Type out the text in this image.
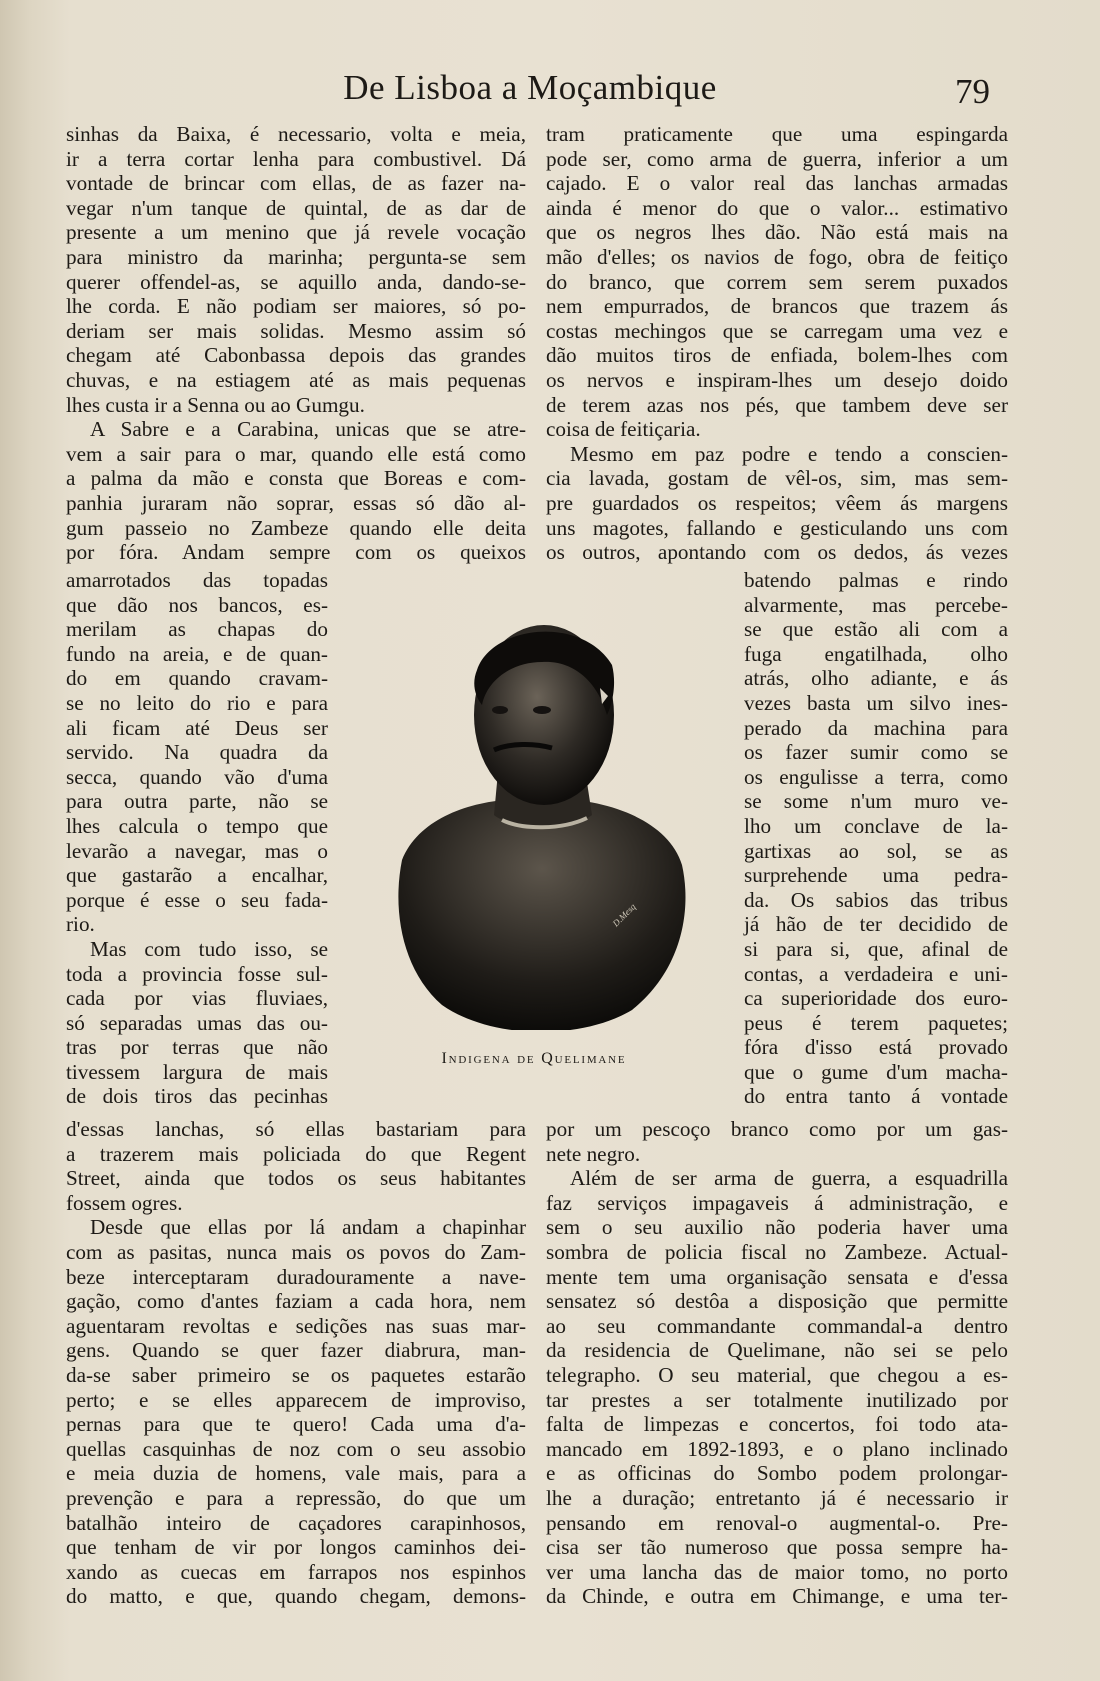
De Lisboa a Moçambique	79

sinhas da Baixa, é necessario, volta e meia,

ir a terra cortar lenha para combustivel. Dá

vontade de brincar com ellas, de as fazer na-

vegar n'um tanque de quintal, de as dar de

presente a um menino que já revele vocação

para ministro da marinha; pergunta-se sem

querer offendel-as, se aquillo anda, dando-se-

lhe corda. E não podiam ser maiores, só po-

deriam ser mais solidas. Mesmo assim só

chegam até Cabonbassa depois das grandes

chuvas, e na estiagem até as mais pequenas

lhes custa ir a Senna ou ao Gumgu.

A Sabre e a Carabina, unicas que se atre-

vem a sair para o mar, quando elle está como

a palma da mão e consta que Boreas e com-

panhia juraram não soprar, essas só dão al-

gum passeio no Zambeze quando elle deita

por fóra. Andam sempre com os queixos

amarrotados das topadas

que dão nos bancos, es-

merilam as chapas do

fundo na areia, e de quan-

do em quando cravam-

se no leito do rio e para

ali ficam até Deus ser

servido. Na quadra da

secca, quando vão d'uma

para outra parte, não se

lhes calcula o tempo que

levarão a navegar, mas o

que gastarão a encalhar,

porque é esse o seu fada-

rio.

Mas com tudo isso, se

toda a provincia fosse sul-

cada por vias fluviaes,

só separadas umas das ou-

tras por terras que não

tivessem largura de mais

de dois tiros das pecinhas

d'essas lanchas, só ellas bastariam para

a trazerem mais policiada do que Regent

Street, ainda que todos os seus habitantes

fossem ogres.

Desde que ellas por lá andam a chapinhar

com as pasitas, nunca mais os povos do Zam-

beze interceptaram duradouramente a nave-

gação, como d'antes faziam a cada hora, nem

aguentaram revoltas e sedições nas suas mar-

gens. Quando se quer fazer diabrura, man-

da-se saber primeiro se os paquetes estarão

perto; e se elles apparecem de improviso,

pernas para que te quero! Cada uma d'a-

quellas casquinhas de noz com o seu assobio

e meia duzia de homens, vale mais, para a

prevenção e para a repressão, do que um

batalhão inteiro de caçadores carapinhosos,

que tenham de vir por longos caminhos dei-

xando as cuecas em farrapos nos espinhos

do matto, e que, quando chegam, demons-

tram praticamente que uma espingarda

pode ser, como arma de guerra, inferior a um

cajado. E o valor real das lanchas armadas

ainda é menor do que o valor... estimativo

que os negros lhes dão. Não está mais na

mão d'elles; os navios de fogo, obra de feitiço

do branco, que correm sem serem puxados

nem empurrados, de brancos que trazem ás

costas mechingos que se carregam uma vez e

dão muitos tiros de enfiada, bolem-lhes com

os nervos e inspiram-lhes um desejo doido

de terem azas nos pés, que tambem deve ser

coisa de feitiçaria.

Mesmo em paz podre e tendo a conscien-

cia lavada, gostam de vêl-os, sim, mas sem-

pre guardados os respeitos; vêem ás margens

uns magotes, fallando e gesticulando uns com

os outros, apontando com os dedos, ás vezes

batendo palmas e rindo

alvarmente, mas percebe-

se que estão ali com a

fuga engatilhada, olho

atrás, olho adiante, e ás

vezes basta um silvo ines-

perado da machina para

os fazer sumir como se

os engulisse a terra, como

se some n'um muro ve-

lho um conclave de la-

gartixas ao sol, se as

surprehende uma pedra-

da. Os sabios das tribus

já hão de ter decidido de

si para si, que, afinal de

contas, a verdadeira e uni-

ca superioridade dos euro-

peus é terem paquetes;

fóra d'isso está provado

que o gume d'um macha-

do entra tanto á vontade

por um pescoço branco como por um gas-

nete negro.

Além de ser arma de guerra, a esquadrilla

faz serviços impagaveis á administração, e

sem o seu auxilio não poderia haver uma

sombra de policia fiscal no Zambeze. Actual-

mente tem uma organisação sensata e d'essa

sensatez só destôa a disposição que permitte

ao seu commandante commandal-a dentro

da residencia de Quelimane, não sei se pelo

telegrapho. O seu material, que chegou a es-

tar prestes a ser totalmente inutilizado por

falta de limpezas e concertos, foi todo ata-

mancado em 1892-1893, e o plano inclinado

e as officinas do Sombo podem prolongar-

lhe a duração; entretanto já é necessario ir

pensando em renoval-o augmental-o. Pre-

cisa ser tão numeroso que possa sempre ha-

ver uma lancha das de maior tomo, no porto

da Chinde, e outra em Chimange, e uma ter-

D.Mesq
Indigena de Quelimane
